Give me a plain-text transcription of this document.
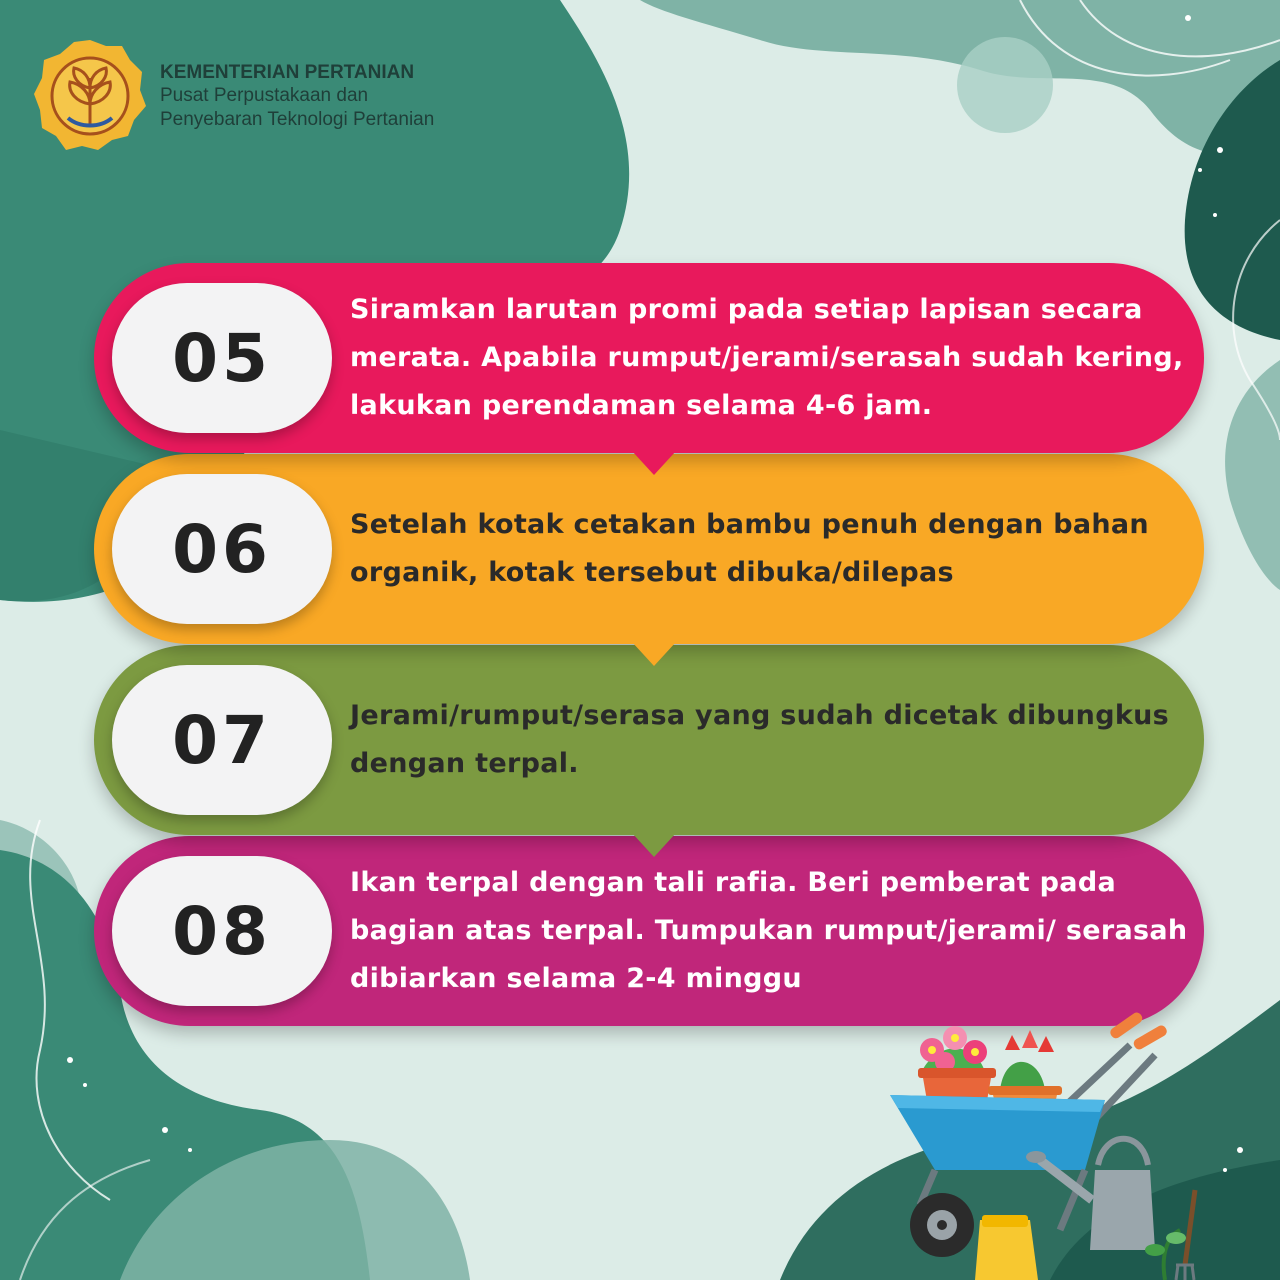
KEMENTERIAN PERTANIAN
Pusat Perpustakaan dan
Penyebaran Teknologi Pertanian
08

Ikan terpal dengan tali rafia. Beri pemberat pada bagian atas terpal. Tumpukan rumput/jerami/ serasah dibiarkan selama 2-4 minggu

07	Jerami/rumput/serasa yang sudah dicetak dibungkus dengan terpal.

06	Setelah kotak cetakan bambu penuh dengan bahan organik, kotak tersebut dibuka/dilepas

05

Siramkan larutan promi pada setiap lapisan secara merata. Apabila rumput/jerami/serasah sudah kering, lakukan perendaman selama 4-6 jam.
